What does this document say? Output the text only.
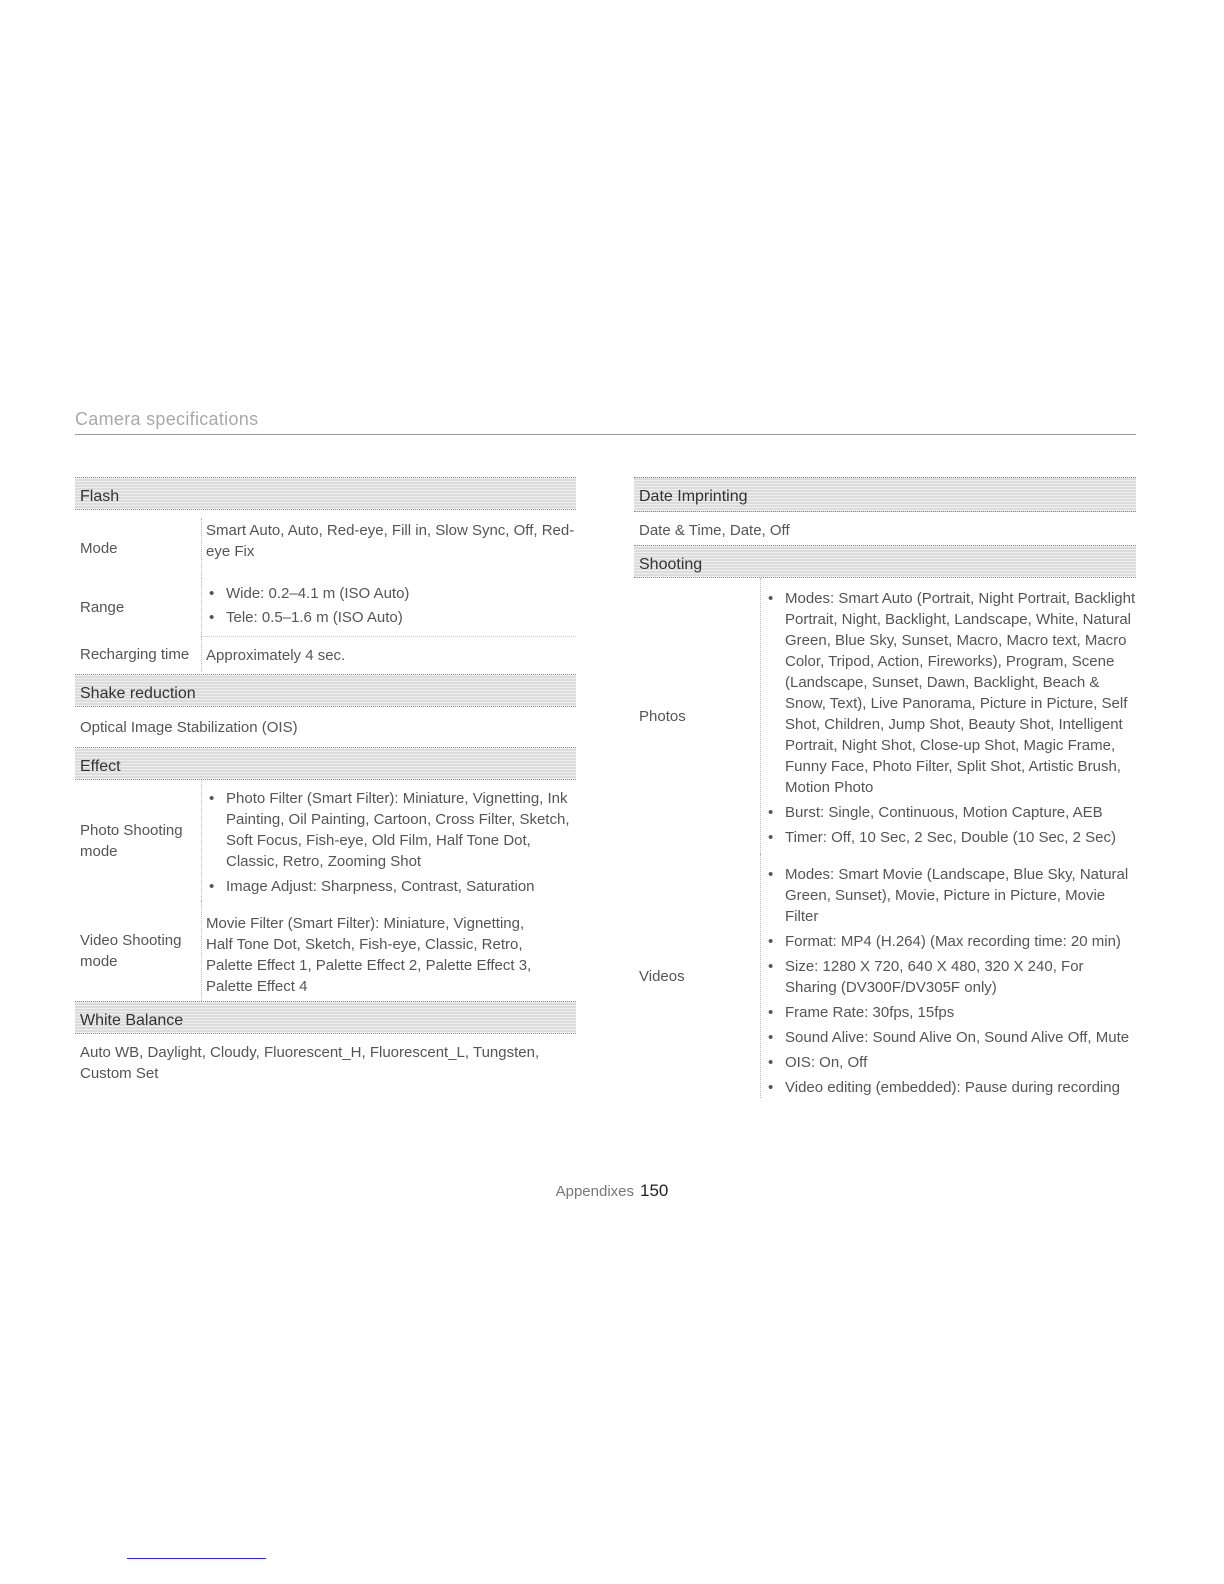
Camera specifications
Flash
Mode
Smart Auto, Auto, Red-eye, Fill in, Slow Sync, Off, Red-eye Fix
Range
• Wide: 0.2–4.1 m (ISO Auto)
• Tele: 0.5–1.6 m (ISO Auto)
Recharging time	Approximately 4 sec.
Shake reduction
Optical Image Stabilization (OIS)
Effect
Photo Shooting mode
• Photo Filter (Smart Filter): Miniature, Vignetting, Ink Painting, Oil Painting, Cartoon, Cross Filter, Sketch, Soft Focus, Fish-eye, Old Film, Half Tone Dot, Classic, Retro, Zooming Shot
• Image Adjust: Sharpness, Contrast, Saturation
Video Shooting mode
Movie Filter (Smart Filter): Miniature, Vignetting, Half Tone Dot, Sketch, Fish-eye, Classic, Retro, Palette Effect 1, Palette Effect 2, Palette Effect 3, Palette Effect 4
White Balance
Auto WB, Daylight, Cloudy, Fluorescent_H, Fluorescent_L, Tungsten, Custom Set
Date Imprinting
Date & Time, Date, Off
Shooting
Photos
• Modes: Smart Auto (Portrait, Night Portrait, Backlight Portrait, Night, Backlight, Landscape, White, Natural Green, Blue Sky, Sunset, Macro, Macro text, Macro Color, Tripod, Action, Fireworks), Program, Scene (Landscape, Sunset, Dawn, Backlight, Beach & Snow, Text), Live Panorama, Picture in Picture, Self Shot, Children, Jump Shot, Beauty Shot, Intelligent Portrait, Night Shot, Close-up Shot, Magic Frame, Funny Face, Photo Filter, Split Shot, Artistic Brush, Motion Photo
• Burst: Single, Continuous, Motion Capture, AEB
• Timer: Off, 10 Sec, 2 Sec, Double (10 Sec, 2 Sec)
Videos
• Modes: Smart Movie (Landscape, Blue Sky, Natural Green, Sunset), Movie, Picture in Picture, Movie Filter
• Format: MP4 (H.264) (Max recording time: 20 min)
• Size: 1280 X 720, 640 X 480, 320 X 240, For Sharing (DV300F/DV305F only)
• Frame Rate: 30fps, 15fps
• Sound Alive: Sound Alive On, Sound Alive Off, Mute
• OIS: On, Off
• Video editing (embedded): Pause during recording
Appendixes 150
